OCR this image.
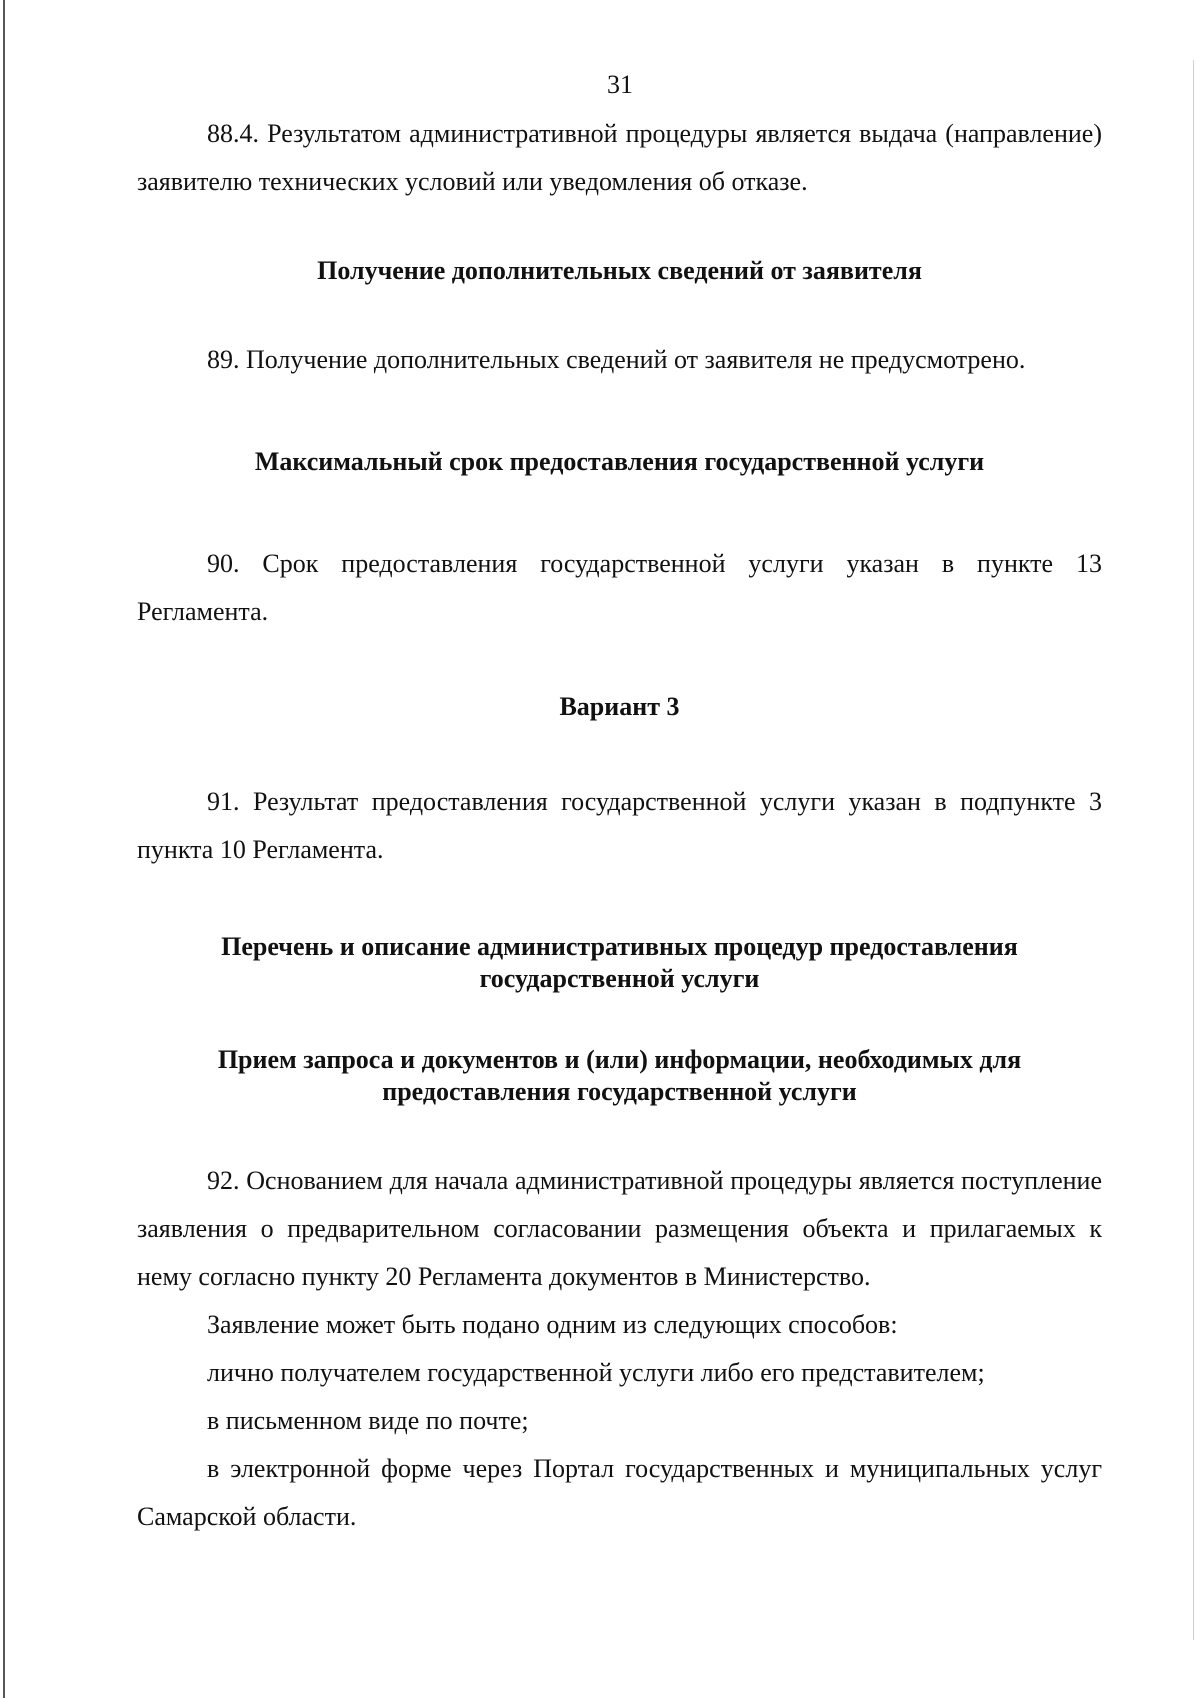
31

88.4. Результатом административной процедуры является выдача (направление) заявителю технических условий или уведомления об отказе.

Получение дополнительных сведений от заявителя

89. Получение дополнительных сведений от заявителя не предусмотрено.

Максимальный срок предоставления государственной услуги

90. Срок предоставления государственной услуги указан в пункте 13 Регламента.

Вариант 3

91. Результат предоставления государственной услуги указан в подпункте 3 пункта 10 Регламента.

Перечень и описание административных процедур предоставления государственной услуги
Прием запроса и документов и (или) информации, необходимых для предоставления государственной услуги

92. Основанием для начала административной процедуры является поступление заявления о предварительном согласовании размещения объекта и прилагаемых к нему согласно пункту 20 Регламента документов в Министерство.

Заявление может быть подано одним из следующих способов:

лично получателем государственной услуги либо его представителем;

в письменном виде по почте;

в электронной форме через Портал государственных и муниципальных услуг Самарской области.
